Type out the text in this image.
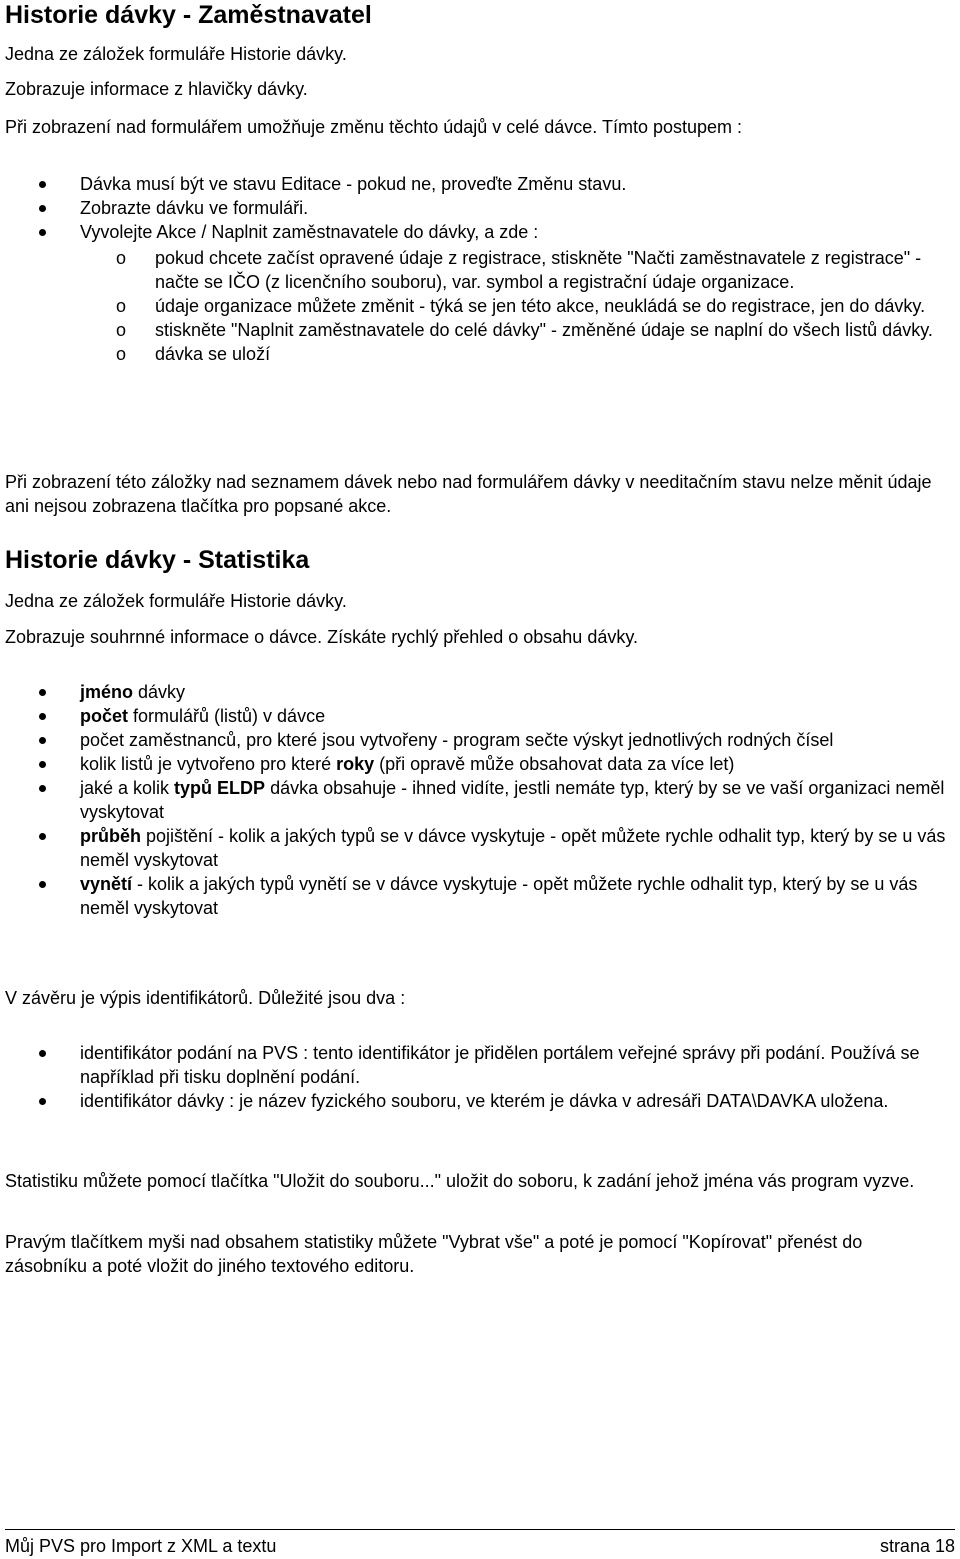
Historie dávky - Zaměstnavatel

Jedna ze záložek formuláře Historie dávky.

Zobrazuje informace z hlavičky dávky.

Při zobrazení nad formulářem umožňuje změnu těchto údajů v celé dávce. Tímto postupem :

Dávka musí být ve stavu Editace - pokud ne, proveďte Změnu stavu.
Zobrazte dávku ve formuláři.
Vyvolejte Akce / Naplnit zaměstnavatele do dávky, a zde :
o	pokud chcete začíst opravené údaje z registrace, stiskněte "Načti zaměstnavatele z registrace" - načte se IČO (z licenčního souboru), var. symbol a registrační údaje organizace.
o	údaje organizace můžete změnit - týká se jen této akce, neukládá se do registrace, jen do dávky.
o	stiskněte "Naplnit zaměstnavatele do celé dávky" - změněné údaje se naplní do všech listů dávky.
o	dávka se uloží

Při zobrazení této záložky nad seznamem dávek nebo nad formulářem dávky v needitačním stavu nelze měnit údaje ani nejsou zobrazena tlačítka pro popsané akce.

Historie dávky - Statistika

Jedna ze záložek formuláře Historie dávky.

Zobrazuje souhrnné informace o dávce. Získáte rychlý přehled o obsahu dávky.

jméno dávky
počet formulářů (listů) v dávce
počet zaměstnanců, pro které jsou vytvořeny - program sečte výskyt jednotlivých rodných čísel
kolik listů je vytvořeno pro které roky (při opravě může obsahovat data za více let)
jaké a kolik typů ELDP dávka obsahuje - ihned vidíte, jestli nemáte typ, který by se ve vaší organizaci neměl vyskytovat
průběh pojištění - kolik a jakých typů se v dávce vyskytuje - opět můžete rychle odhalit typ, který by se u vás neměl vyskytovat
vynětí - kolik a jakých typů vynětí se v dávce vyskytuje - opět můžete rychle odhalit typ, který by se u vás neměl vyskytovat

V závěru je výpis identifikátorů. Důležité jsou dva :

identifikátor podání na PVS : tento identifikátor je přidělen portálem veřejné správy při podání. Používá se například při tisku doplnění podání.
identifikátor dávky : je název fyzického souboru, ve kterém je dávka v adresáři DATA\DAVKA uložena.

Statistiku můžete pomocí tlačítka "Uložit do souboru..." uložit do soboru, k zadání jehož jména vás program vyzve.

Pravým tlačítkem myši nad obsahem statistiky můžete "Vybrat vše" a poté je pomocí "Kopírovat" přenést do zásobníku a poté vložit do jiného textového editoru.

Můj PVS pro Import z XML a textu	strana 18
